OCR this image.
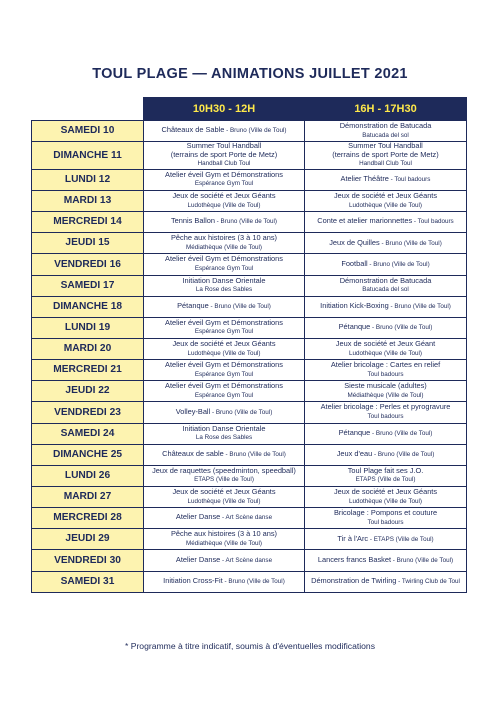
TOUL PLAGE — ANIMATIONS JUILLET 2021
	10H30 - 12H	16H - 17H30
SAMEDI 10	Châteaux de Sable - Bruno (Ville de Toul)	Démonstration de Batucada
Batucada del sol

DIMANCHE 11	Summer Toul Handball
(terrains de sport Porte de Metz)
Handball Club Toul	Summer Toul Handball
(terrains de sport Porte de Metz)
Handball Club Toul

LUNDI 12	Atelier éveil Gym et Démonstrations
Espérance Gym Toul	Atelier Théâtre - Toul badours

MARDI 13	Jeux de société et Jeux Géants
Ludothèque (Ville de Toul)	Jeux de société et Jeux Géants
Ludothèque (Ville de Toul)

MERCREDI 14	Tennis Ballon - Bruno (Ville de Toul)	Conte et atelier marionnettes - Toul badours

JEUDI 15	Pêche aux histoires (3 à 10 ans)
Médiathèque (Ville de Toul)	Jeux de Quilles - Bruno (Ville de Toul)

VENDREDI 16	Atelier éveil Gym et Démonstrations
Espérance Gym Toul	Football - Bruno (Ville de Toul)

SAMEDI 17	Initiation Danse Orientale
La Rose des Sables	Démonstration de Batucada
Batucada del sol

DIMANCHE 18	Pétanque - Bruno (Ville de Toul)	Initiation Kick-Boxing - Bruno (Ville de Toul)

LUNDI 19	Atelier éveil Gym et Démonstrations
Espérance Gym Toul	Pétanque - Bruno (Ville de Toul)

MARDI 20	Jeux de société et Jeux Géants
Ludothèque (Ville de Toul)	Jeux de société et Jeux Géant
Ludothèque (Ville de Toul)

MERCREDI 21	Atelier éveil Gym et Démonstrations
Espérance Gym Toul	Atelier bricolage : Cartes en relief
Toul badours

JEUDI 22	Atelier éveil Gym et Démonstrations
Espérance Gym Toul	Sieste musicale (adultes)
Médiathèque (Ville de Toul)

VENDREDI 23	Volley-Ball - Bruno (Ville de Toul)	Atelier bricolage : Perles et pyrogravure
Toul badours

SAMEDI 24	Initiation Danse Orientale
La Rose des Sables	Pétanque - Bruno (Ville de Toul)

DIMANCHE 25	Châteaux de sable - Bruno (Ville de Toul)	Jeux d'eau - Bruno (Ville de Toul)

LUNDI 26	Jeux de raquettes (speedminton, speedball)
ETAPS (Ville de Toul)	Toul Plage fait ses J.O.
ETAPS (Ville de Toul)

MARDI 27	Jeux de société et Jeux Géants
Ludothèque (Ville de Toul)	Jeux de société et Jeux Géants
Ludothèque (Ville de Toul)

MERCREDI 28	Atelier Danse - Art Scène danse	Bricolage : Pompons et couture
Toul badours

JEUDI 29	Pêche aux histoires (3 à 10 ans)
Médiathèque (Ville de Toul)	Tir à l'Arc - ETAPS (Ville de Toul)

VENDREDI 30	Atelier Danse - Art Scène danse	Lancers francs Basket - Bruno (Ville de Toul)

SAMEDI 31	Initiation Cross-Fit - Bruno (Ville de Toul)	Démonstration de Twirling - Twirling Club de Toul
* Programme à titre indicatif, soumis à d'éventuelles modifications
